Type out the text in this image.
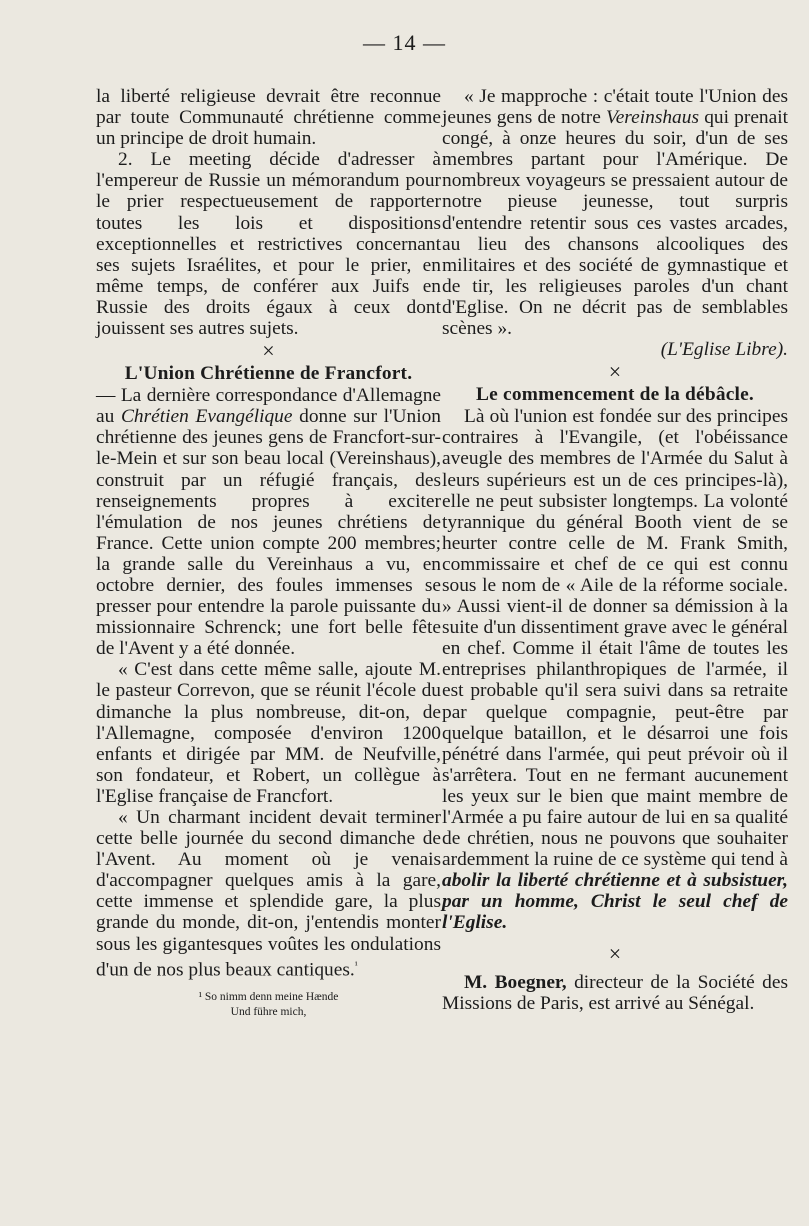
— 14 —

la liberté religieuse devrait être reconnue par toute Communauté chrétienne comme un principe de droit humain.

2. Le meeting décide d'adresser à l'empereur de Russie un mémorandum pour le prier respectueusement de rapporter toutes les lois et dispositions exceptionnelles et restrictives concernant ses sujets Israélites, et pour le prier, en même temps, de conférer aux Juifs en Russie des droits égaux à ceux dont jouissent ses autres sujets.

×

L'Union Chrétienne de Francfort.

— La dernière correspondance d'Allemagne au Chrétien Evangélique donne sur l'Union chrétienne des jeunes gens de Francfort-sur-le-Mein et sur son beau local (Vereinshaus), construit par un réfugié français, des renseignements propres à exciter l'émulation de nos jeunes chrétiens de France. Cette union compte 200 membres; la grande salle du Vereinhaus a vu, en octobre dernier, des foules immenses se presser pour entendre la parole puissante du missionnaire Schrenck; une fort belle fête de l'Avent y a été donnée.

« C'est dans cette même salle, ajoute M. le pasteur Correvon, que se réunit l'école du dimanche la plus nombreuse, dit-on, de l'Allemagne, composée d'environ 1200 enfants et dirigée par MM. de Neufville, son fondateur, et Robert, un collègue à l'Eglise française de Francfort.

« Un charmant incident devait terminer cette belle journée du second dimanche de l'Avent. Au moment où je venais d'accompagner quelques amis à la gare, cette immense et splendide gare, la plus grande du monde, dit-on, j'entendis monter sous les gigantesques voûtes les ondulations d'un de nos plus beaux cantiques.$^{^1}$

¹ So nimm denn meine Hænde
Und führe mich,

« Je mapproche : c'était toute l'Union des jeunes gens de notre Vereinshaus qui prenait congé, à onze heures du soir, d'un de ses membres partant pour l'Amérique. De nombreux voyageurs se pressaient autour de notre pieuse jeunesse, tout surpris d'entendre retentir sous ces vastes arcades, au lieu des chansons alcooliques des militaires et des société de gymnastique et de tir, les religieuses paroles d'un chant d'Eglise. On ne décrit pas de semblables scènes ».

(L'Eglise Libre).

×

Le commencement de la débâcle.

Là où l'union est fondée sur des principes contraires à l'Evangile, (et l'obéissance aveugle des membres de l'Armée du Salut à leurs supérieurs est un de ces principes-là), elle ne peut subsister longtemps. La volonté tyrannique du général Booth vient de se heurter contre celle de M. Frank Smith, commissaire et chef de ce qui est connu sous le nom de « Aile de la réforme sociale. » Aussi vient-il de donner sa démission à la suite d'un dissentiment grave avec le général en chef. Comme il était l'âme de toutes les entreprises philanthropiques de l'armée, il est probable qu'il sera suivi dans sa retraite par quelque compagnie, peut-être par quelque bataillon, et le désarroi une fois pénétré dans l'armée, qui peut prévoir où il s'arrêtera. Tout en ne fermant aucunement les yeux sur le bien que maint membre de l'Armée a pu faire autour de lui en sa qualité de chrétien, nous ne pouvons que souhaiter ardemment la ruine de ce système qui tend à abolir la liberté chrétienne et à subsistuer, par un homme, Christ le seul chef de l'Eglise.

×

M. Boegner, directeur de la Société des Missions de Paris, est arrivé au Sénégal.
